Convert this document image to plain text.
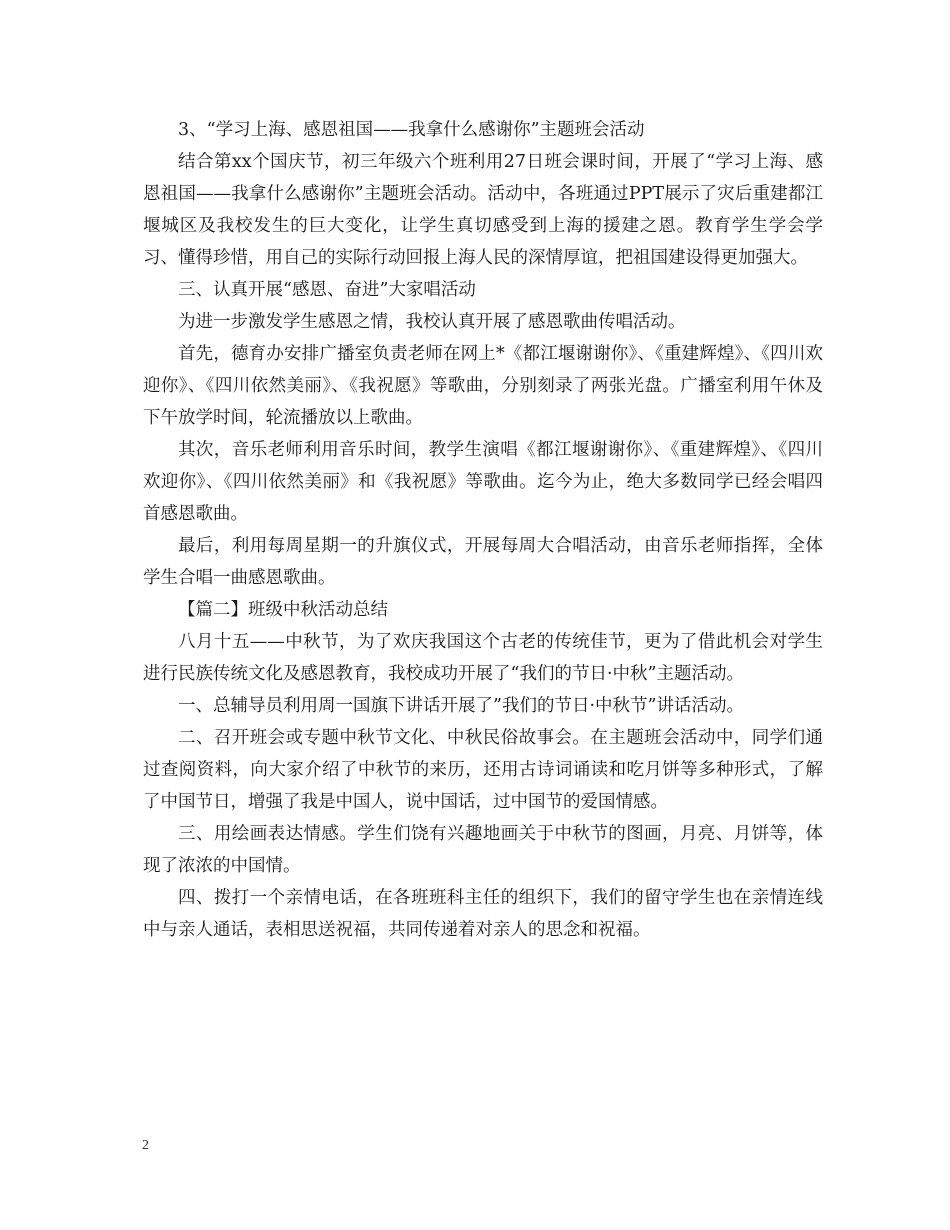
3、“学习上海、感恩祖国——我拿什么感谢你”主题班会活动

结合第xx个国庆节，初三年级六个班利用27日班会课时间，开展了“学习上海、感恩祖国——我拿什么感谢你”主题班会活动。活动中，各班通过PPT展示了灾后重建都江堰城区及我校发生的巨大变化，让学生真切感受到上海的援建之恩。教育学生学会学习、懂得珍惜，用自己的实际行动回报上海人民的深情厚谊，把祖国建设得更加强大。

三、认真开展“感恩、奋进”大家唱活动

为进一步激发学生感恩之情，我校认真开展了感恩歌曲传唱活动。

首先，德育办安排广播室负责老师在网上*《都江堰谢谢你》、《重建辉煌》、《四川欢迎你》、《四川依然美丽》、《我祝愿》等歌曲，分别刻录了两张光盘。广播室利用午休及下午放学时间，轮流播放以上歌曲。

其次，音乐老师利用音乐时间，教学生演唱《都江堰谢谢你》、《重建辉煌》、《四川欢迎你》、《四川依然美丽》和《我祝愿》等歌曲。迄今为止，绝大多数同学已经会唱四首感恩歌曲。

最后，利用每周星期一的升旗仪式，开展每周大合唱活动，由音乐老师指挥，全体学生合唱一曲感恩歌曲。

【篇二】班级中秋活动总结

八月十五——中秋节，为了欢庆我国这个古老的传统佳节，更为了借此机会对学生进行民族传统文化及感恩教育，我校成功开展了“我们的节日·中秋”主题活动。

一、总辅导员利用周一国旗下讲话开展了”我们的节日·中秋节”讲话活动。

二、召开班会或专题中秋节文化、中秋民俗故事会。在主题班会活动中，同学们通过查阅资料，向大家介绍了中秋节的来历，还用古诗词诵读和吃月饼等多种形式，了解了中国节日，增强了我是中国人，说中国话，过中国节的爱国情感。

三、用绘画表达情感。学生们饶有兴趣地画关于中秋节的图画，月亮、月饼等，体现了浓浓的中国情。

四、拨打一个亲情电话，在各班班科主任的组织下，我们的留守学生也在亲情连线中与亲人通话，表相思送祝福，共同传递着对亲人的思念和祝福。

2
